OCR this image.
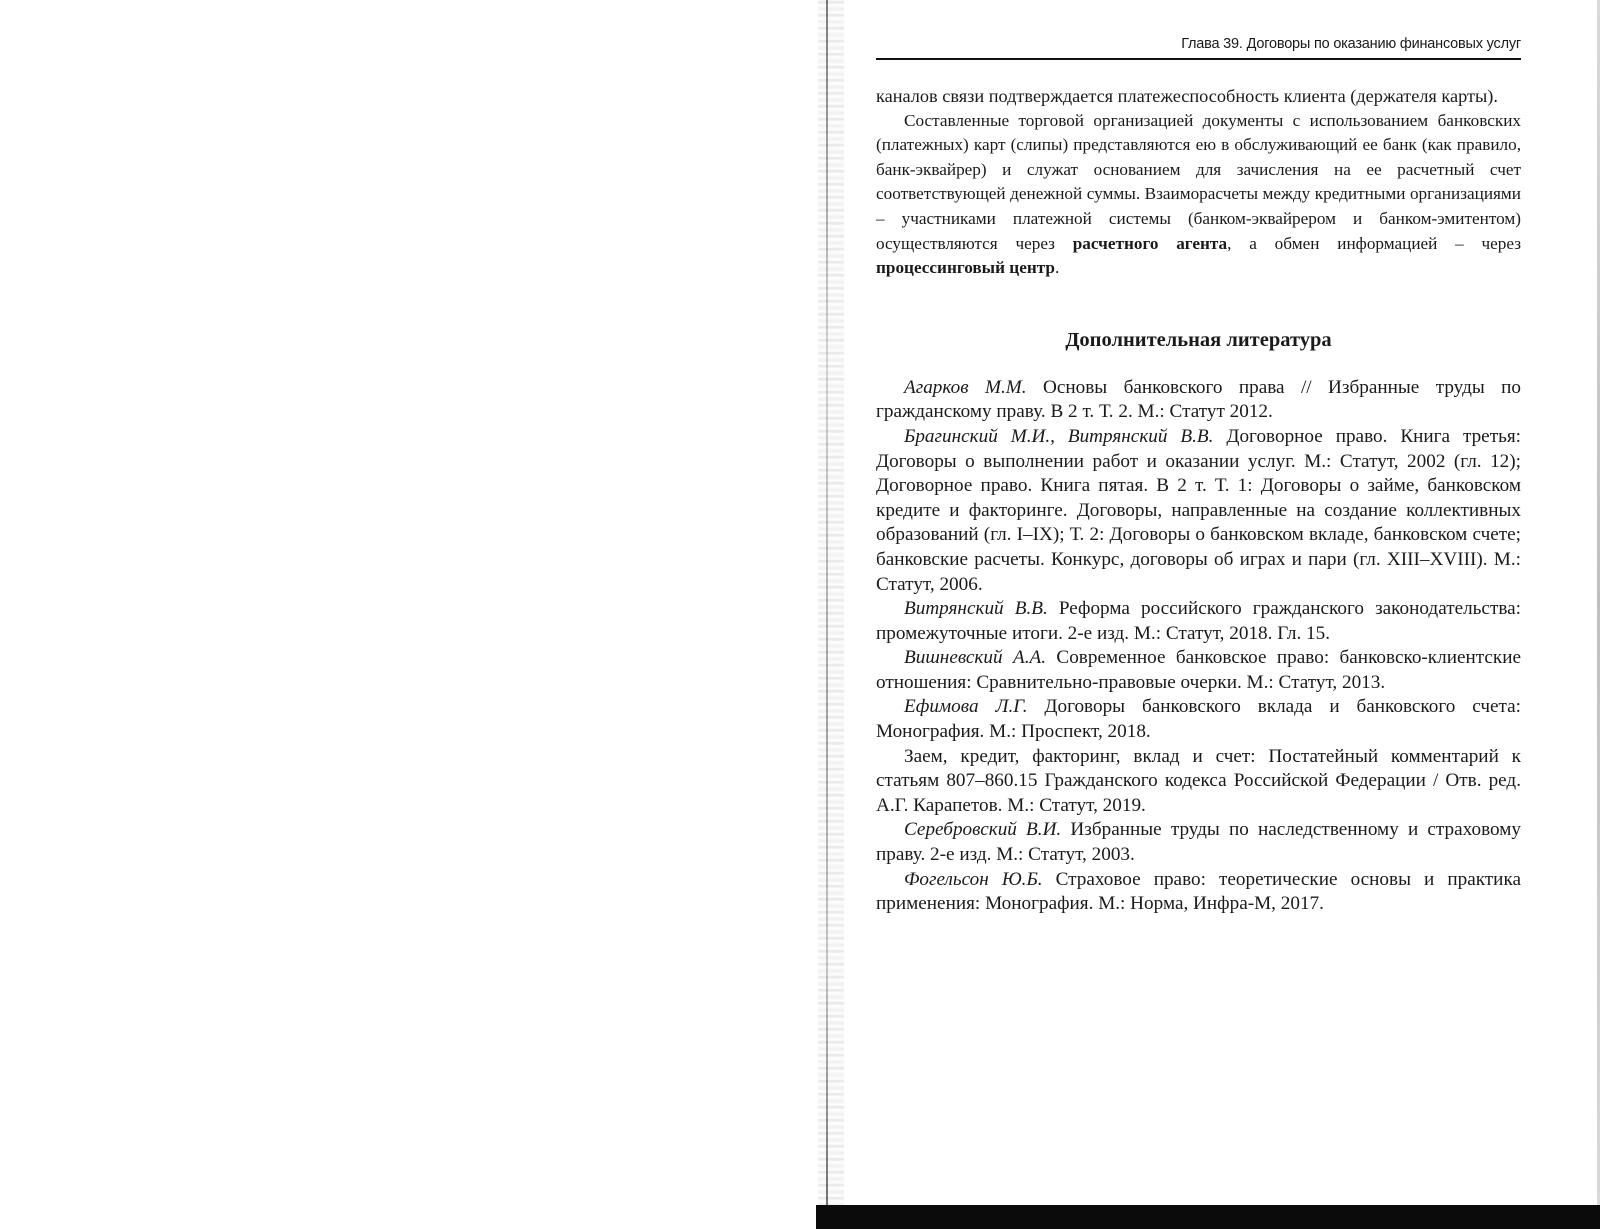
Глава 39. Договоры по оказанию финансовых услуг

каналов связи подтверждается платежеспособность клиента (держателя карты).

Составленные торговой организацией документы с использованием банковских (платежных) карт (слипы) представляются ею в обслуживающий ее банк (как правило, банк-эквайрер) и служат основанием для зачисления на ее расчетный счет соответствующей денежной суммы. Взаиморасчеты между кредитными организациями – участниками платежной системы (банком-эквайрером и банком-эмитентом) осуществляются через расчетного агента, а обмен информацией – через процессинговый центр.

Дополнительная литература

Агарков М.М. Основы банковского права // Избранные труды по гражданскому праву. В 2 т. Т. 2. М.: Статут 2012.

Брагинский М.И., Витрянский В.В. Договорное право. Книга третья: Договоры о выполнении работ и оказании услуг. М.: Статут, 2002 (гл. 12); Договорное право. Книга пятая. В 2 т. Т. 1: Договоры о займе, банковском кредите и факторинге. Договоры, направленные на создание коллективных образований (гл. I–IX); Т. 2: Договоры о банковском вкладе, банковском счете; банковские расчеты. Конкурс, договоры об играх и пари (гл. XIII–XVIII). М.: Статут, 2006.

Витрянский В.В. Реформа российского гражданского законодательства: промежуточные итоги. 2-е изд. М.: Статут, 2018. Гл. 15.

Вишневский А.А. Современное банковское право: банковско-клиентские отношения: Сравнительно-правовые очерки. М.: Статут, 2013.

Ефимова Л.Г. Договоры банковского вклада и банковского счета: Монография. М.: Проспект, 2018.

Заем, кредит, факторинг, вклад и счет: Постатейный комментарий к статьям 807–860.15 Гражданского кодекса Российской Федерации / Отв. ред. А.Г. Карапетов. М.: Статут, 2019.

Серебровский В.И. Избранные труды по наследственному и страховому праву. 2-е изд. М.: Статут, 2003.

Фогельсон Ю.Б. Страховое право: теоретические основы и практика применения: Монография. М.: Норма, Инфра-М, 2017.
